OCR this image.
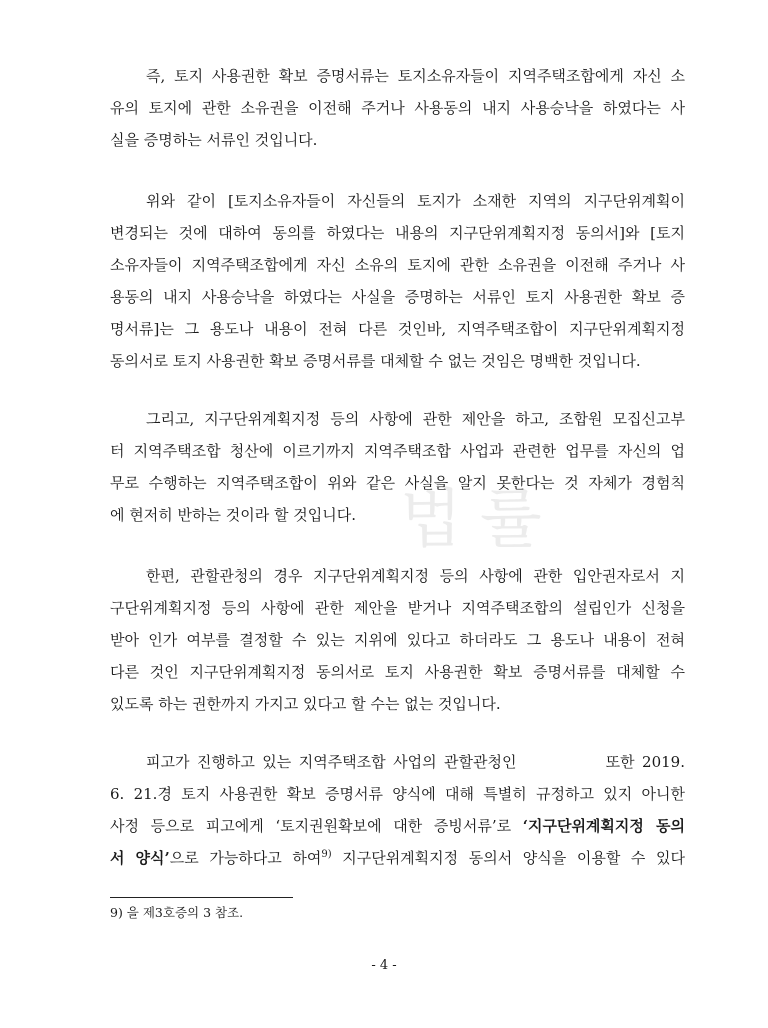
법률
즉, 토지 사용권한 확보 증명서류는 토지소유자들이 지역주택조합에게 자신 소
유의 토지에 관한 소유권을 이전해 주거나 사용동의 내지 사용승낙을 하였다는 사
실을 증명하는 서류인 것입니다.
위와 같이 [토지소유자들이 자신들의 토지가 소재한 지역의 지구단위계획이
변경되는 것에 대하여 동의를 하였다는 내용의 지구단위계획지정 동의서]와 [토지
소유자들이 지역주택조합에게 자신 소유의 토지에 관한 소유권을 이전해 주거나 사
용동의 내지 사용승낙을 하였다는 사실을 증명하는 서류인 토지 사용권한 확보 증
명서류]는 그 용도나 내용이 전혀 다른 것인바, 지역주택조합이 지구단위계획지정
동의서로 토지 사용권한 확보 증명서류를 대체할 수 없는 것임은 명백한 것입니다.
그리고, 지구단위계획지정 등의 사항에 관한 제안을 하고, 조합원 모집신고부
터 지역주택조합 청산에 이르기까지 지역주택조합 사업과 관련한 업무를 자신의 업
무로 수행하는 지역주택조합이 위와 같은 사실을 알지 못한다는 것 자체가 경험칙
에 현저히 반하는 것이라 할 것입니다.
한편, 관할관청의 경우 지구단위계획지정 등의 사항에 관한 입안권자로서 지
구단위계획지정 등의 사항에 관한 제안을 받거나 지역주택조합의 설립인가 신청을
받아 인가 여부를 결정할 수 있는 지위에 있다고 하더라도 그 용도나 내용이 전혀
다른 것인 지구단위계획지정 동의서로 토지 사용권한 확보 증명서류를 대체할 수
있도록 하는 권한까지 가지고 있다고 할 수는 없는 것입니다.
피고가 진행하고 있는 지역주택조합 사업의 관할관청인            또한 2019.
6. 21.경 토지 사용권한 확보 증명서류 양식에 대해 특별히 규정하고 있지 아니한
사정 등으로 피고에게 ‘토지권원확보에 대한 증빙서류’로 ‘지구단위계획지정 동의
서 양식’으로 가능하다고 하여$^{9)}$ 지구단위계획지정 동의서 양식을 이용할 수 있다
9) 을 제3호증의 3 참조.
- 4 -
